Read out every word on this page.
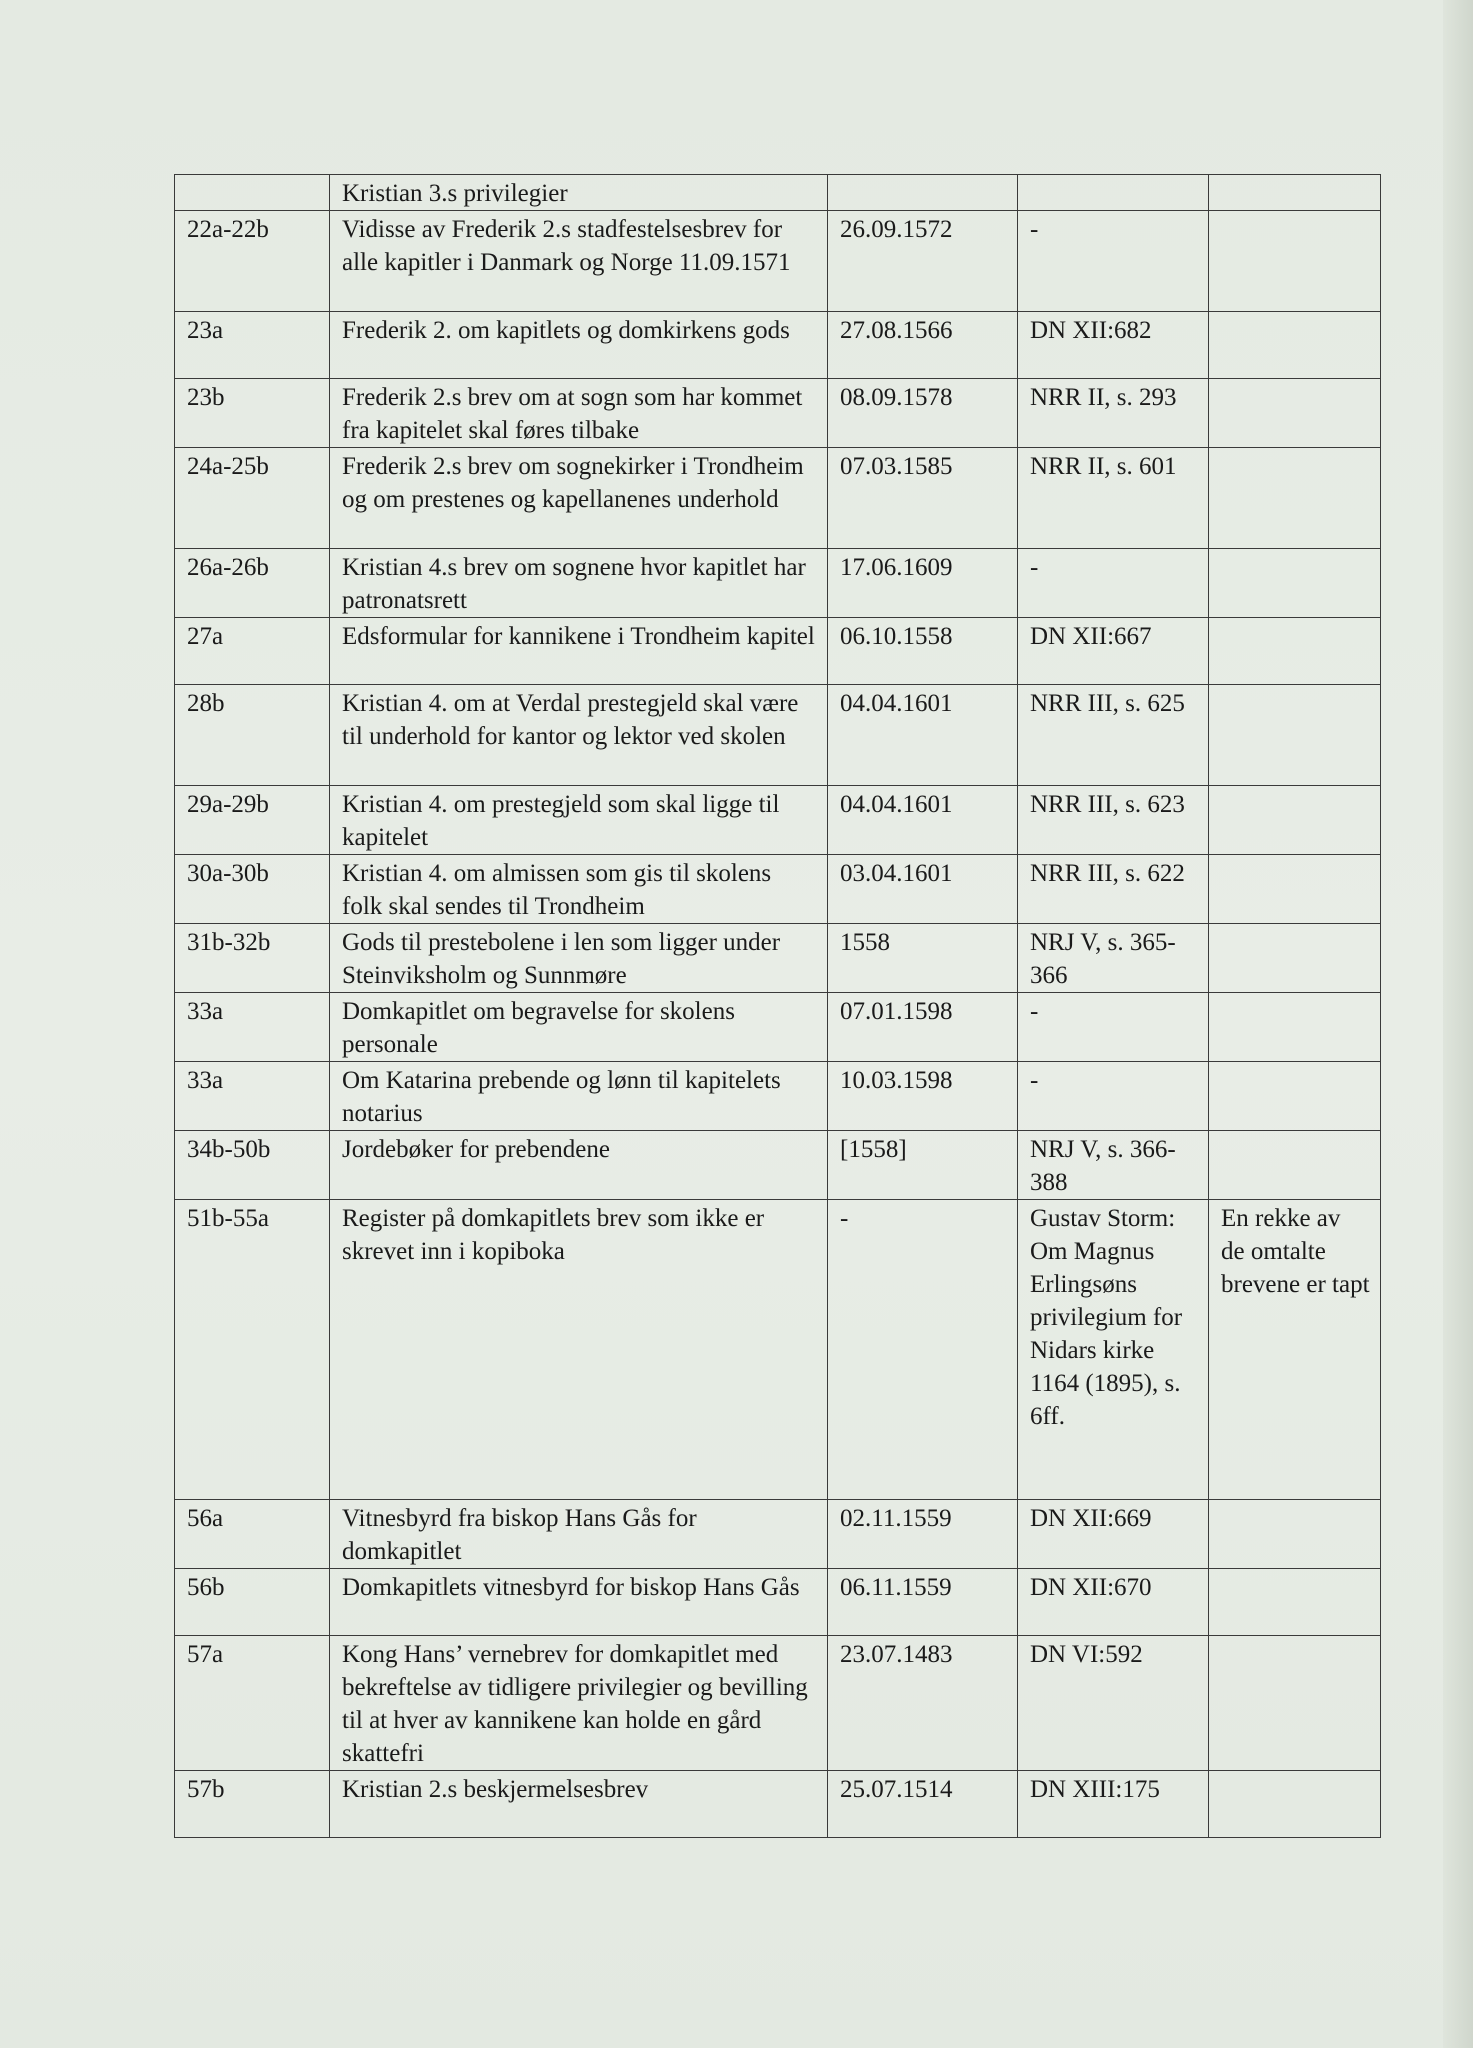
	Kristian 3.s privilegier			
22a-22b	Vidisse av Frederik 2.s stadfestelsesbrev for alle kapitler i Danmark og Norge 11.09.1571	26.09.1572	-	
23a	Frederik 2. om kapitlets og domkirkens gods	27.08.1566	DN XII:682	
23b	Frederik 2.s brev om at sogn som har kommet fra kapitelet skal føres tilbake	08.09.1578	NRR II, s. 293	
24a-25b	Frederik 2.s brev om sognekirker i Trondheim og om prestenes og kapellanenes underhold	07.03.1585	NRR II, s. 601	
26a-26b	Kristian 4.s brev om sognene hvor kapitlet har patronatsrett	17.06.1609	-	
27a	Edsformular for kannikene i Trondheim kapitel	06.10.1558	DN XII:667	
28b	Kristian 4. om at Verdal prestegjeld skal være til underhold for kantor og lektor ved skolen	04.04.1601	NRR III, s. 625	
29a-29b	Kristian 4. om prestegjeld som skal ligge til kapitelet	04.04.1601	NRR III, s. 623	
30a-30b	Kristian 4. om almissen som gis til skolens folk skal sendes til Trondheim	03.04.1601	NRR III, s. 622	
31b-32b	Gods til prestebolene i len som ligger under Steinviksholm og Sunnmøre	1558	NRJ V, s. 365-366	
33a	Domkapitlet om begravelse for skolens personale	07.01.1598	-	
33a	Om Katarina prebende og lønn til kapitelets notarius	10.03.1598	-	
34b-50b	Jordebøker for prebendene	[1558]	NRJ V, s. 366-388	
51b-55a	Register på domkapitlets brev som ikke er skrevet inn i kopiboka	-	Gustav Storm: Om Magnus Erlingsøns privilegium for Nidars kirke 1164 (1895), s. 6ff.	En rekke av de omtalte brevene er tapt
56a	Vitnesbyrd fra biskop Hans Gås for domkapitlet	02.11.1559	DN XII:669	
56b	Domkapitlets vitnesbyrd for biskop Hans Gås	06.11.1559	DN XII:670	
57a	Kong Hans’ vernebrev for domkapitlet med bekreftelse av tidligere privilegier og bevilling til at hver av kannikene kan holde en gård skattefri	23.07.1483	DN VI:592	
57b	Kristian 2.s beskjermelsesbrev	25.07.1514	DN XIII:175	
